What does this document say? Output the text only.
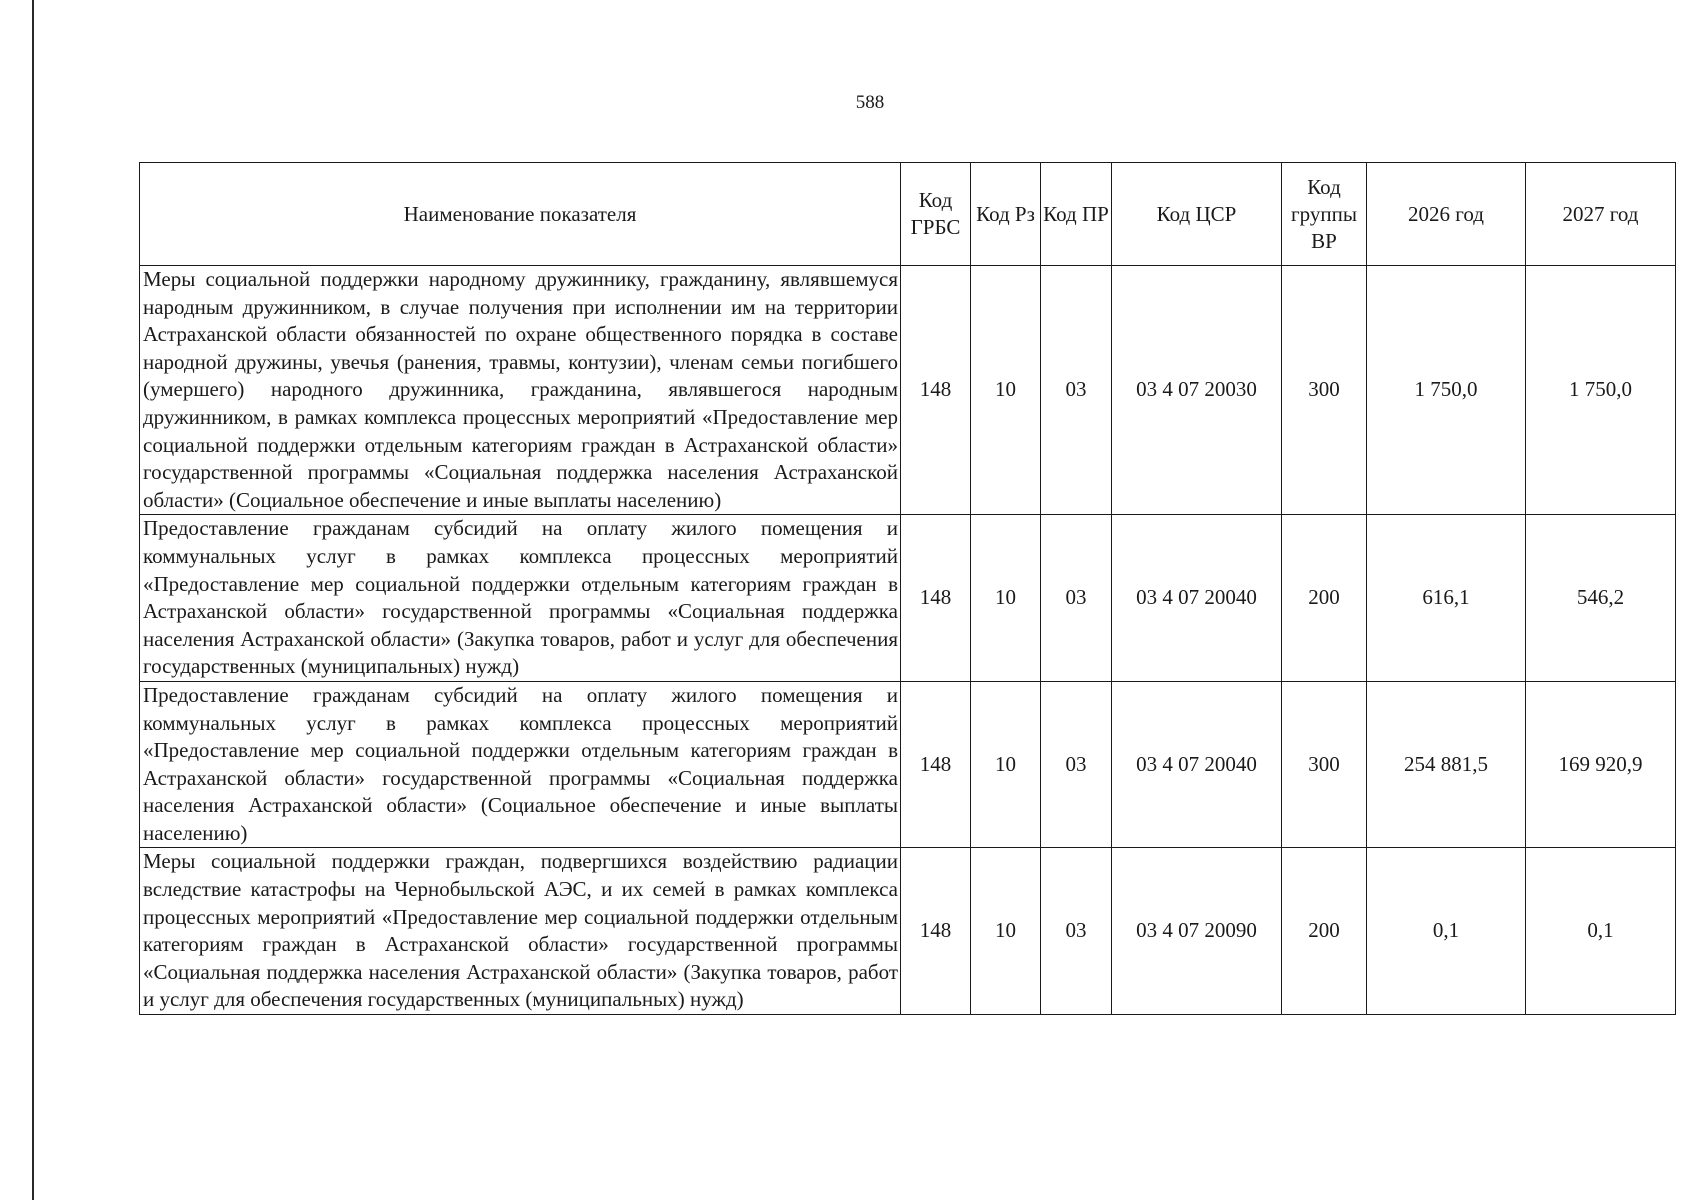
588
Наименование показателя	Код ГРБС	Код Рз	Код ПР	Код ЦСР	Код группы ВР	2026 год	2027 год
Меры социальной поддержки народному дружиннику, гражданину, являвшемуся народным дружинником, в случае получения при исполнении им на территории Астраханской области обязанностей по охране общественного порядка в составе народной дружины, увечья (ранения, травмы, контузии), членам семьи погибшего (умершего) народного дружинника, гражданина, являвшегося народным дружинником, в рамках комплекса процессных мероприятий «Предоставление мер социальной поддержки отдельным категориям граждан в Астраханской области» государственной программы «Социальная поддержка населения Астраханской области» (Социальное обеспечение и иные выплаты населению)	148	10	03	03 4 07 20030	300	1 750,0	1 750,0
Предоставление гражданам субсидий на оплату жилого помещения и коммунальных услуг в рамках комплекса процессных мероприятий «Предоставление мер социальной поддержки отдельным категориям граждан в Астраханской области» государственной программы «Социальная поддержка населения Астраханской области» (Закупка товаров, работ и услуг для обеспечения государственных (муниципальных) нужд)	148	10	03	03 4 07 20040	200	616,1	546,2
Предоставление гражданам субсидий на оплату жилого помещения и коммунальных услуг в рамках комплекса процессных мероприятий «Предоставление мер социальной поддержки отдельным категориям граждан в Астраханской области» государственной программы «Социальная поддержка населения Астраханской области» (Социальное обеспечение и иные выплаты населению)	148	10	03	03 4 07 20040	300	254 881,5	169 920,9
Меры социальной поддержки граждан, подвергшихся воздействию радиации вследствие катастрофы на Чернобыльской АЭС, и их семей в рамках комплекса процессных мероприятий «Предоставление мер социальной поддержки отдельным категориям граждан в Астраханской области» государственной программы «Социальная поддержка населения Астраханской области» (Закупка товаров, работ и услуг для обеспечения государственных (муниципальных) нужд)	148	10	03	03 4 07 20090	200	0,1	0,1
